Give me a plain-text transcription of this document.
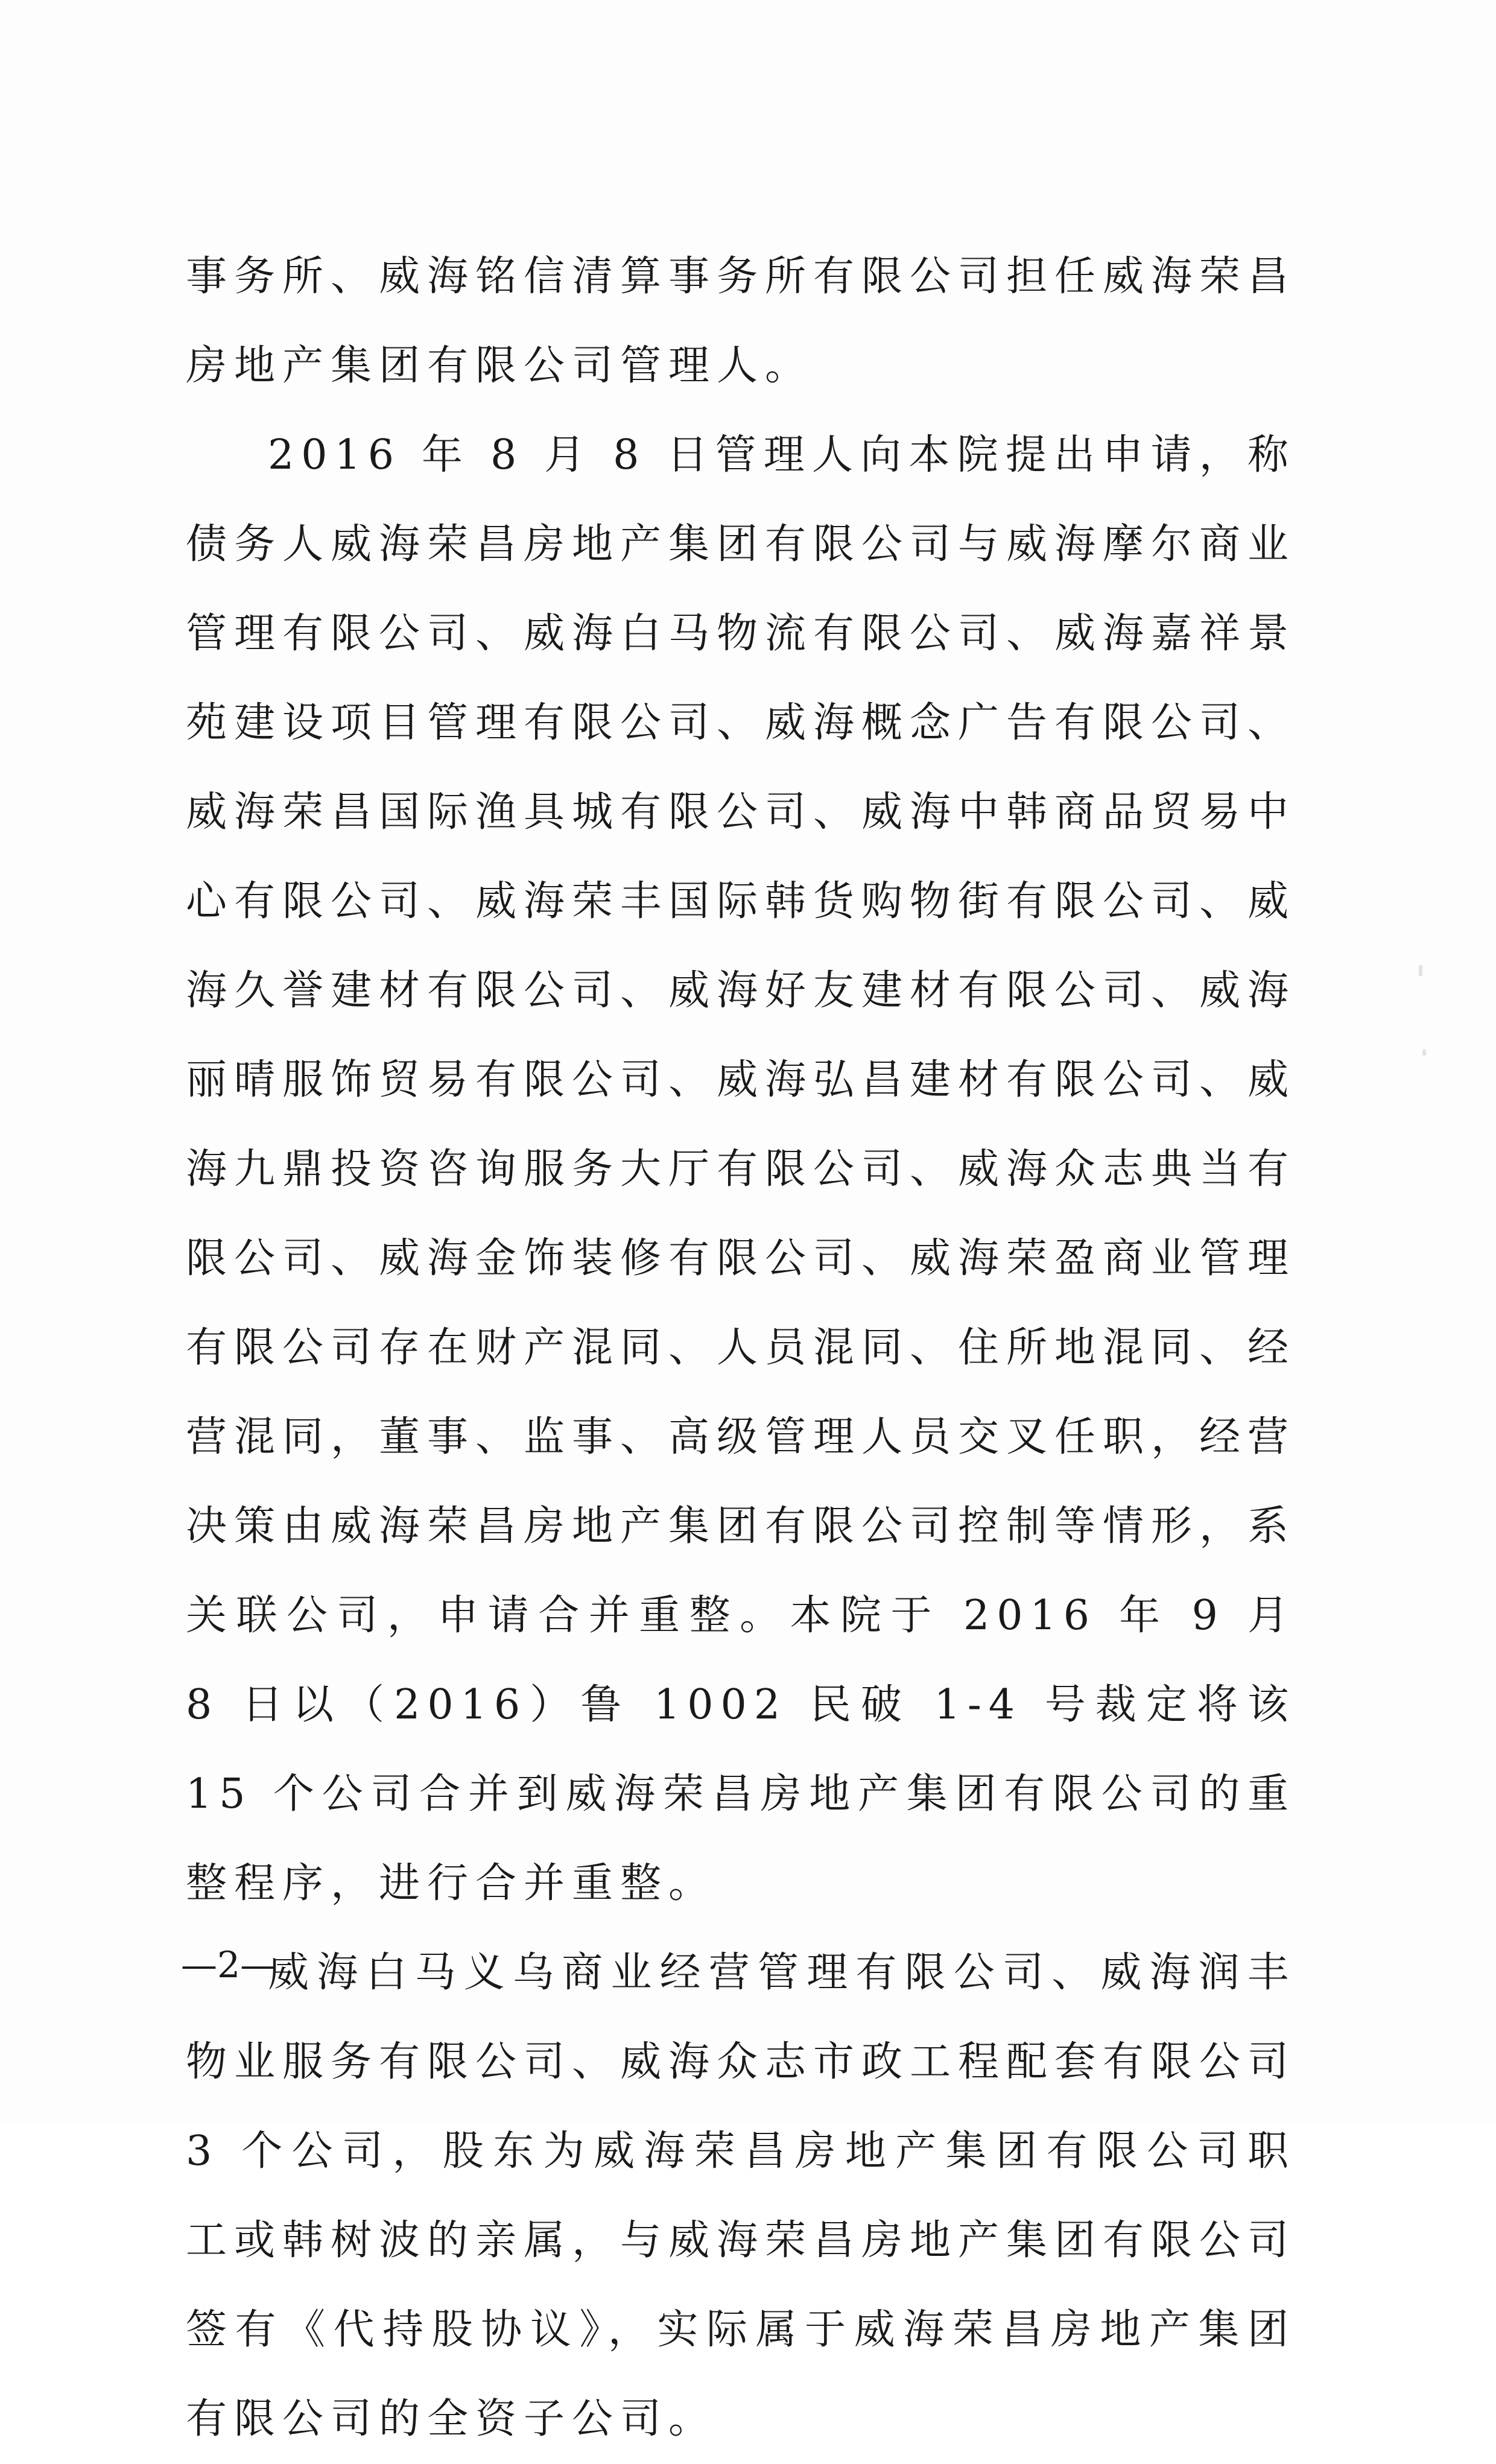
事务所、威海铭信清算事务所有限公司担任威海荣昌房地产集团有限公司管理人。

2016 年 8 月 8 日管理人向本院提出申请，称债务人威海荣昌房地产集团有限公司与威海摩尔商业管理有限公司、威海白马物流有限公司、威海嘉祥景苑建设项目管理有限公司、威海概念广告有限公司、威海荣昌国际渔具城有限公司、威海中韩商品贸易中心有限公司、威海荣丰国际韩货购物街有限公司、威海久誉建材有限公司、威海好友建材有限公司、威海丽晴服饰贸易有限公司、威海弘昌建材有限公司、威海九鼎投资咨询服务大厅有限公司、威海众志典当有限公司、威海金饰装修有限公司、威海荣盈商业管理有限公司存在财产混同、人员混同、住所地混同、经营混同，董事、监事、高级管理人员交叉任职，经营决策由威海荣昌房地产集团有限公司控制等情形，系关联公司，申请合并重整。本院于 2016 年 9 月 8 日以（2016）鲁 1002 民破 1-4 号裁定将该 15 个公司合并到威海荣昌房地产集团有限公司的重整程序，进行合并重整。

威海白马义乌商业经营管理有限公司、威海润丰物业服务有限公司、威海众志市政工程配套有限公司 3 个公司，股东为威海荣昌房地产集团有限公司职工或韩树波的亲属，与威海荣昌房地产集团有限公司签有《代持股协议》，实际属于威海荣昌房地产集团有限公司的全资子公司。

—2—
